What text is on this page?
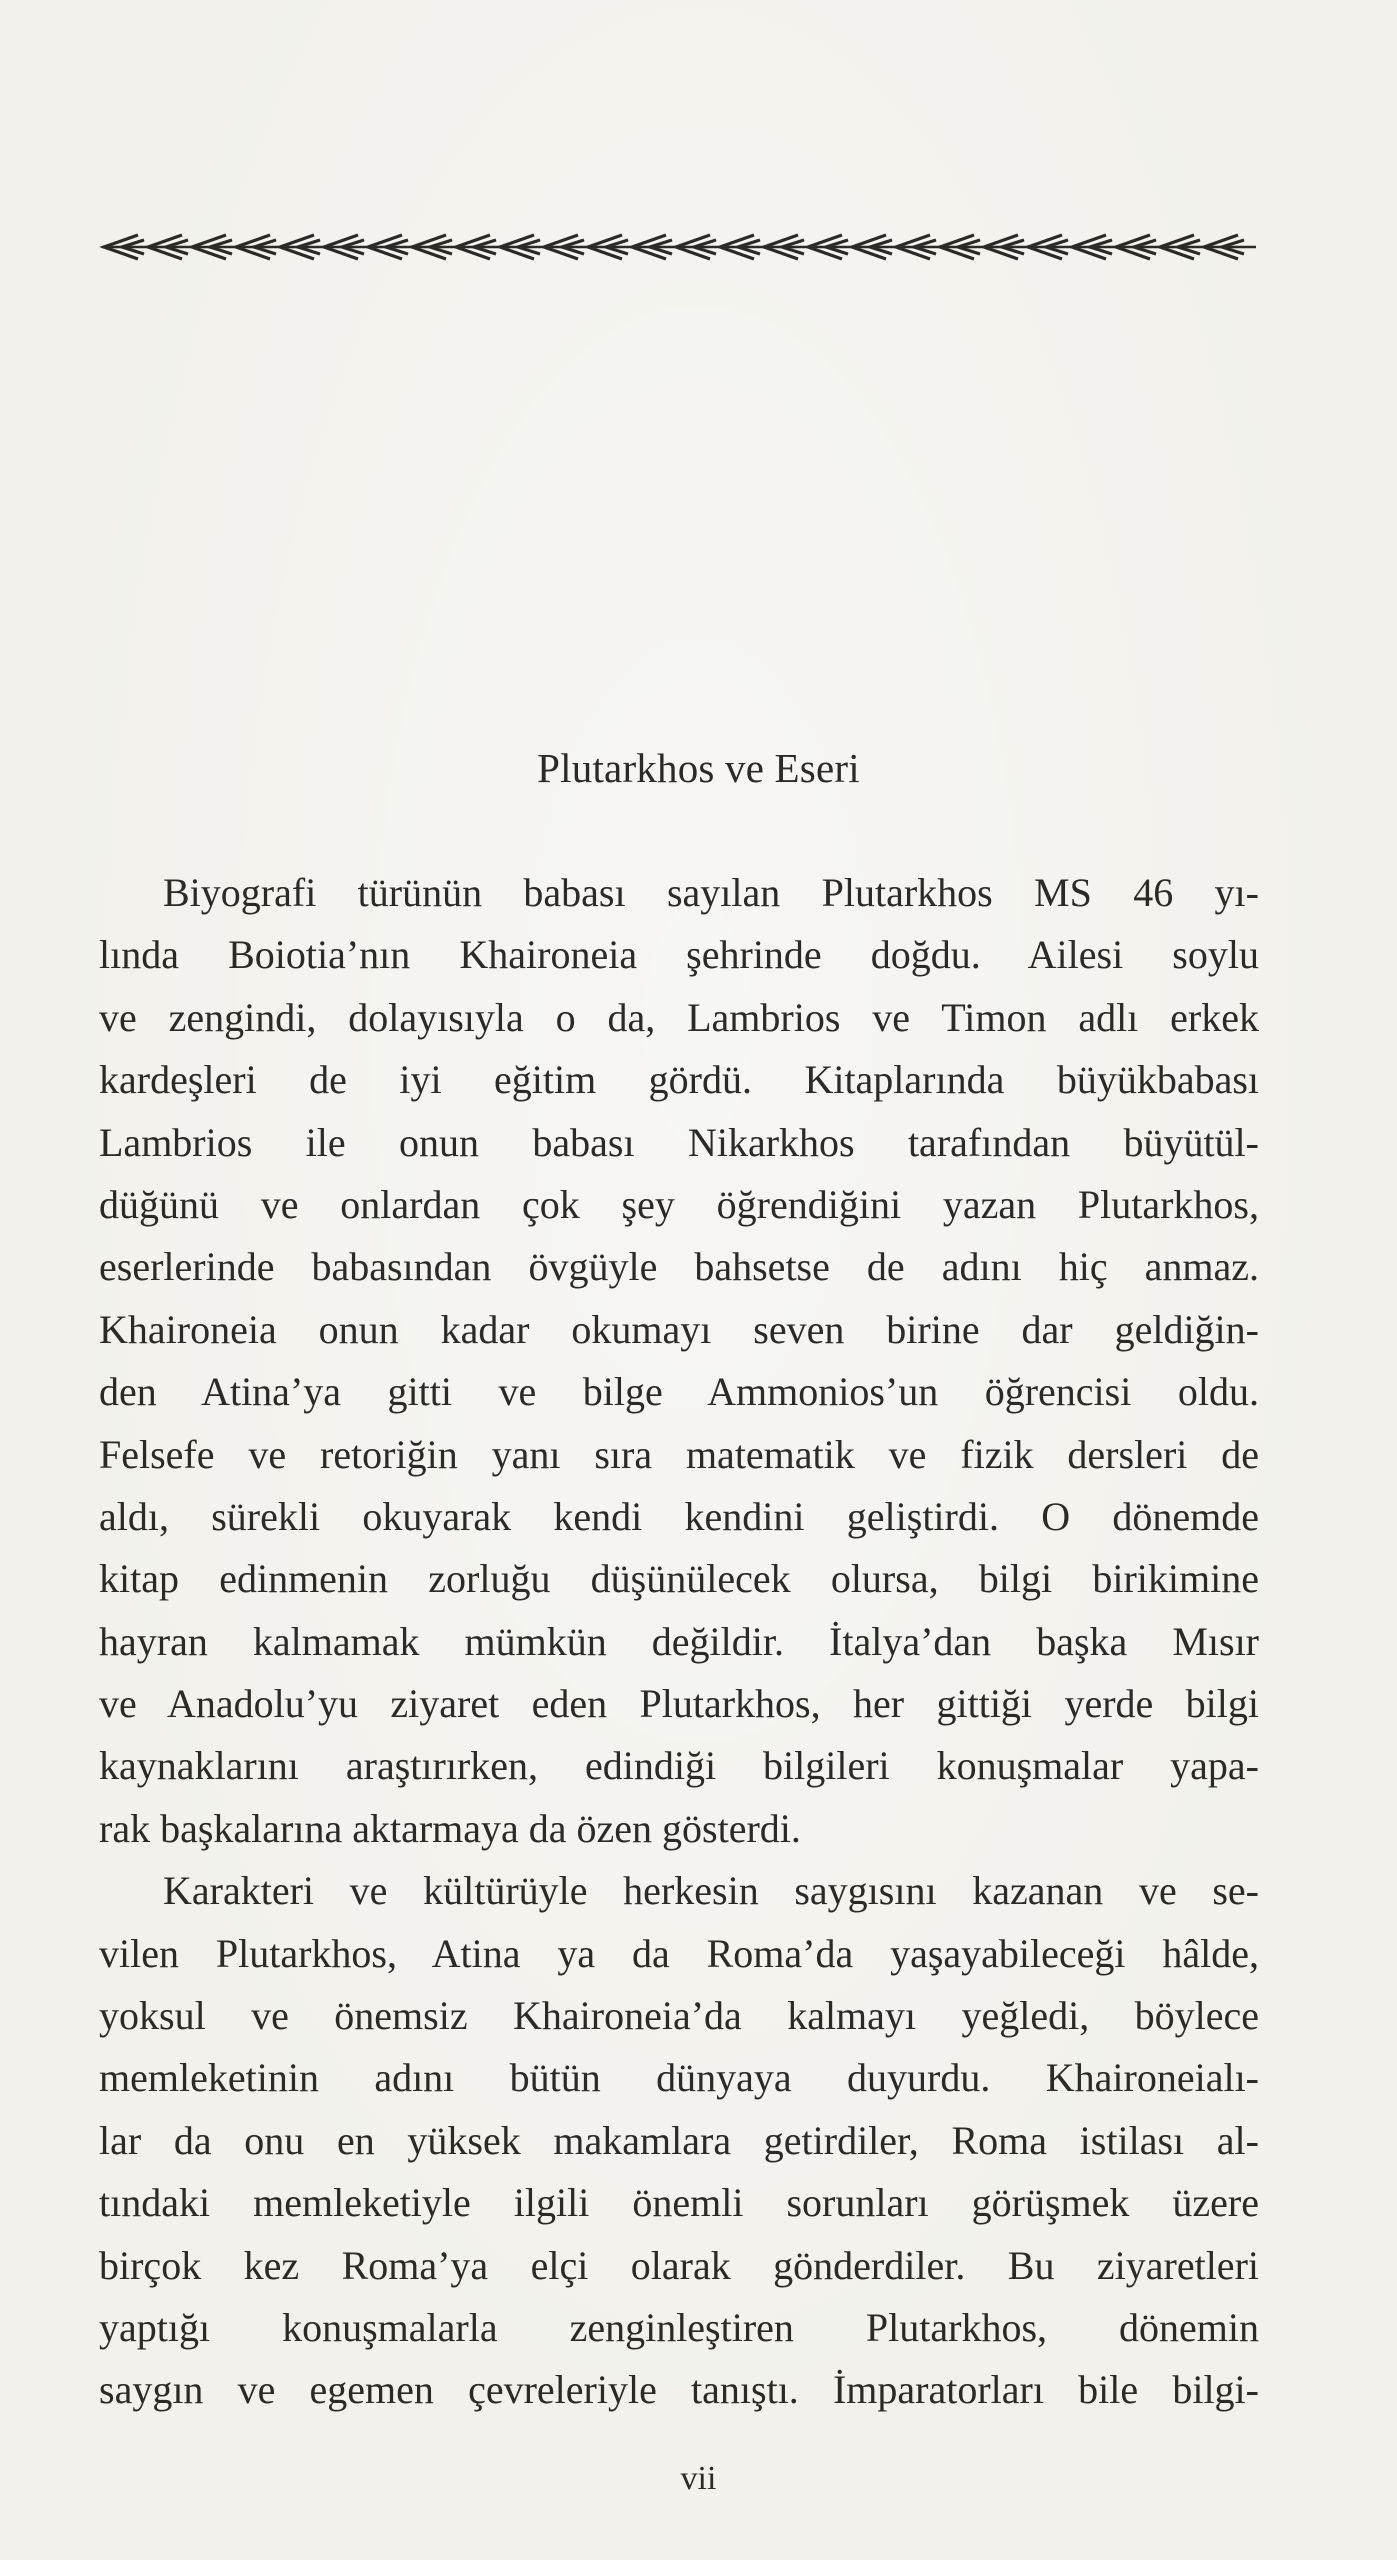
Plutarkhos ve Eseri
Biyografi türünün babası sayılan Plutarkhos MS 46 yı-
lında Boiotia’nın Khaironeia şehrinde doğdu. Ailesi soylu
ve zengindi, dolayısıyla o da, Lambrios ve Timon adlı erkek
kardeşleri de iyi eğitim gördü. Kitaplarında büyükbabası
Lambrios ile onun babası Nikarkhos tarafından büyütül-
düğünü ve onlardan çok şey öğrendiğini yazan Plutarkhos,
eserlerinde babasından övgüyle bahsetse de adını hiç anmaz.
Khaironeia onun kadar okumayı seven birine dar geldiğin-
den Atina’ya gitti ve bilge Ammonios’un öğrencisi oldu.
Felsefe ve retoriğin yanı sıra matematik ve fizik dersleri de
aldı, sürekli okuyarak kendi kendini geliştirdi. O dönemde
kitap edinmenin zorluğu düşünülecek olursa, bilgi birikimine
hayran kalmamak mümkün değildir. İtalya’dan başka Mısır
ve Anadolu’yu ziyaret eden Plutarkhos, her gittiği yerde bilgi
kaynaklarını araştırırken, edindiği bilgileri konuşmalar yapa-
rak başkalarına aktarmaya da özen gösterdi.
Karakteri ve kültürüyle herkesin saygısını kazanan ve se-
vilen Plutarkhos, Atina ya da Roma’da yaşayabileceği hâlde,
yoksul ve önemsiz Khaironeia’da kalmayı yeğledi, böylece
memleketinin adını bütün dünyaya duyurdu. Khaironeialı-
lar da onu en yüksek makamlara getirdiler, Roma istilası al-
tındaki memleketiyle ilgili önemli sorunları görüşmek üzere
birçok kez Roma’ya elçi olarak gönderdiler. Bu ziyaretleri
yaptığı konuşmalarla zenginleştiren Plutarkhos, dönemin
saygın ve egemen çevreleriyle tanıştı. İmparatorları bile bilgi-
vii
